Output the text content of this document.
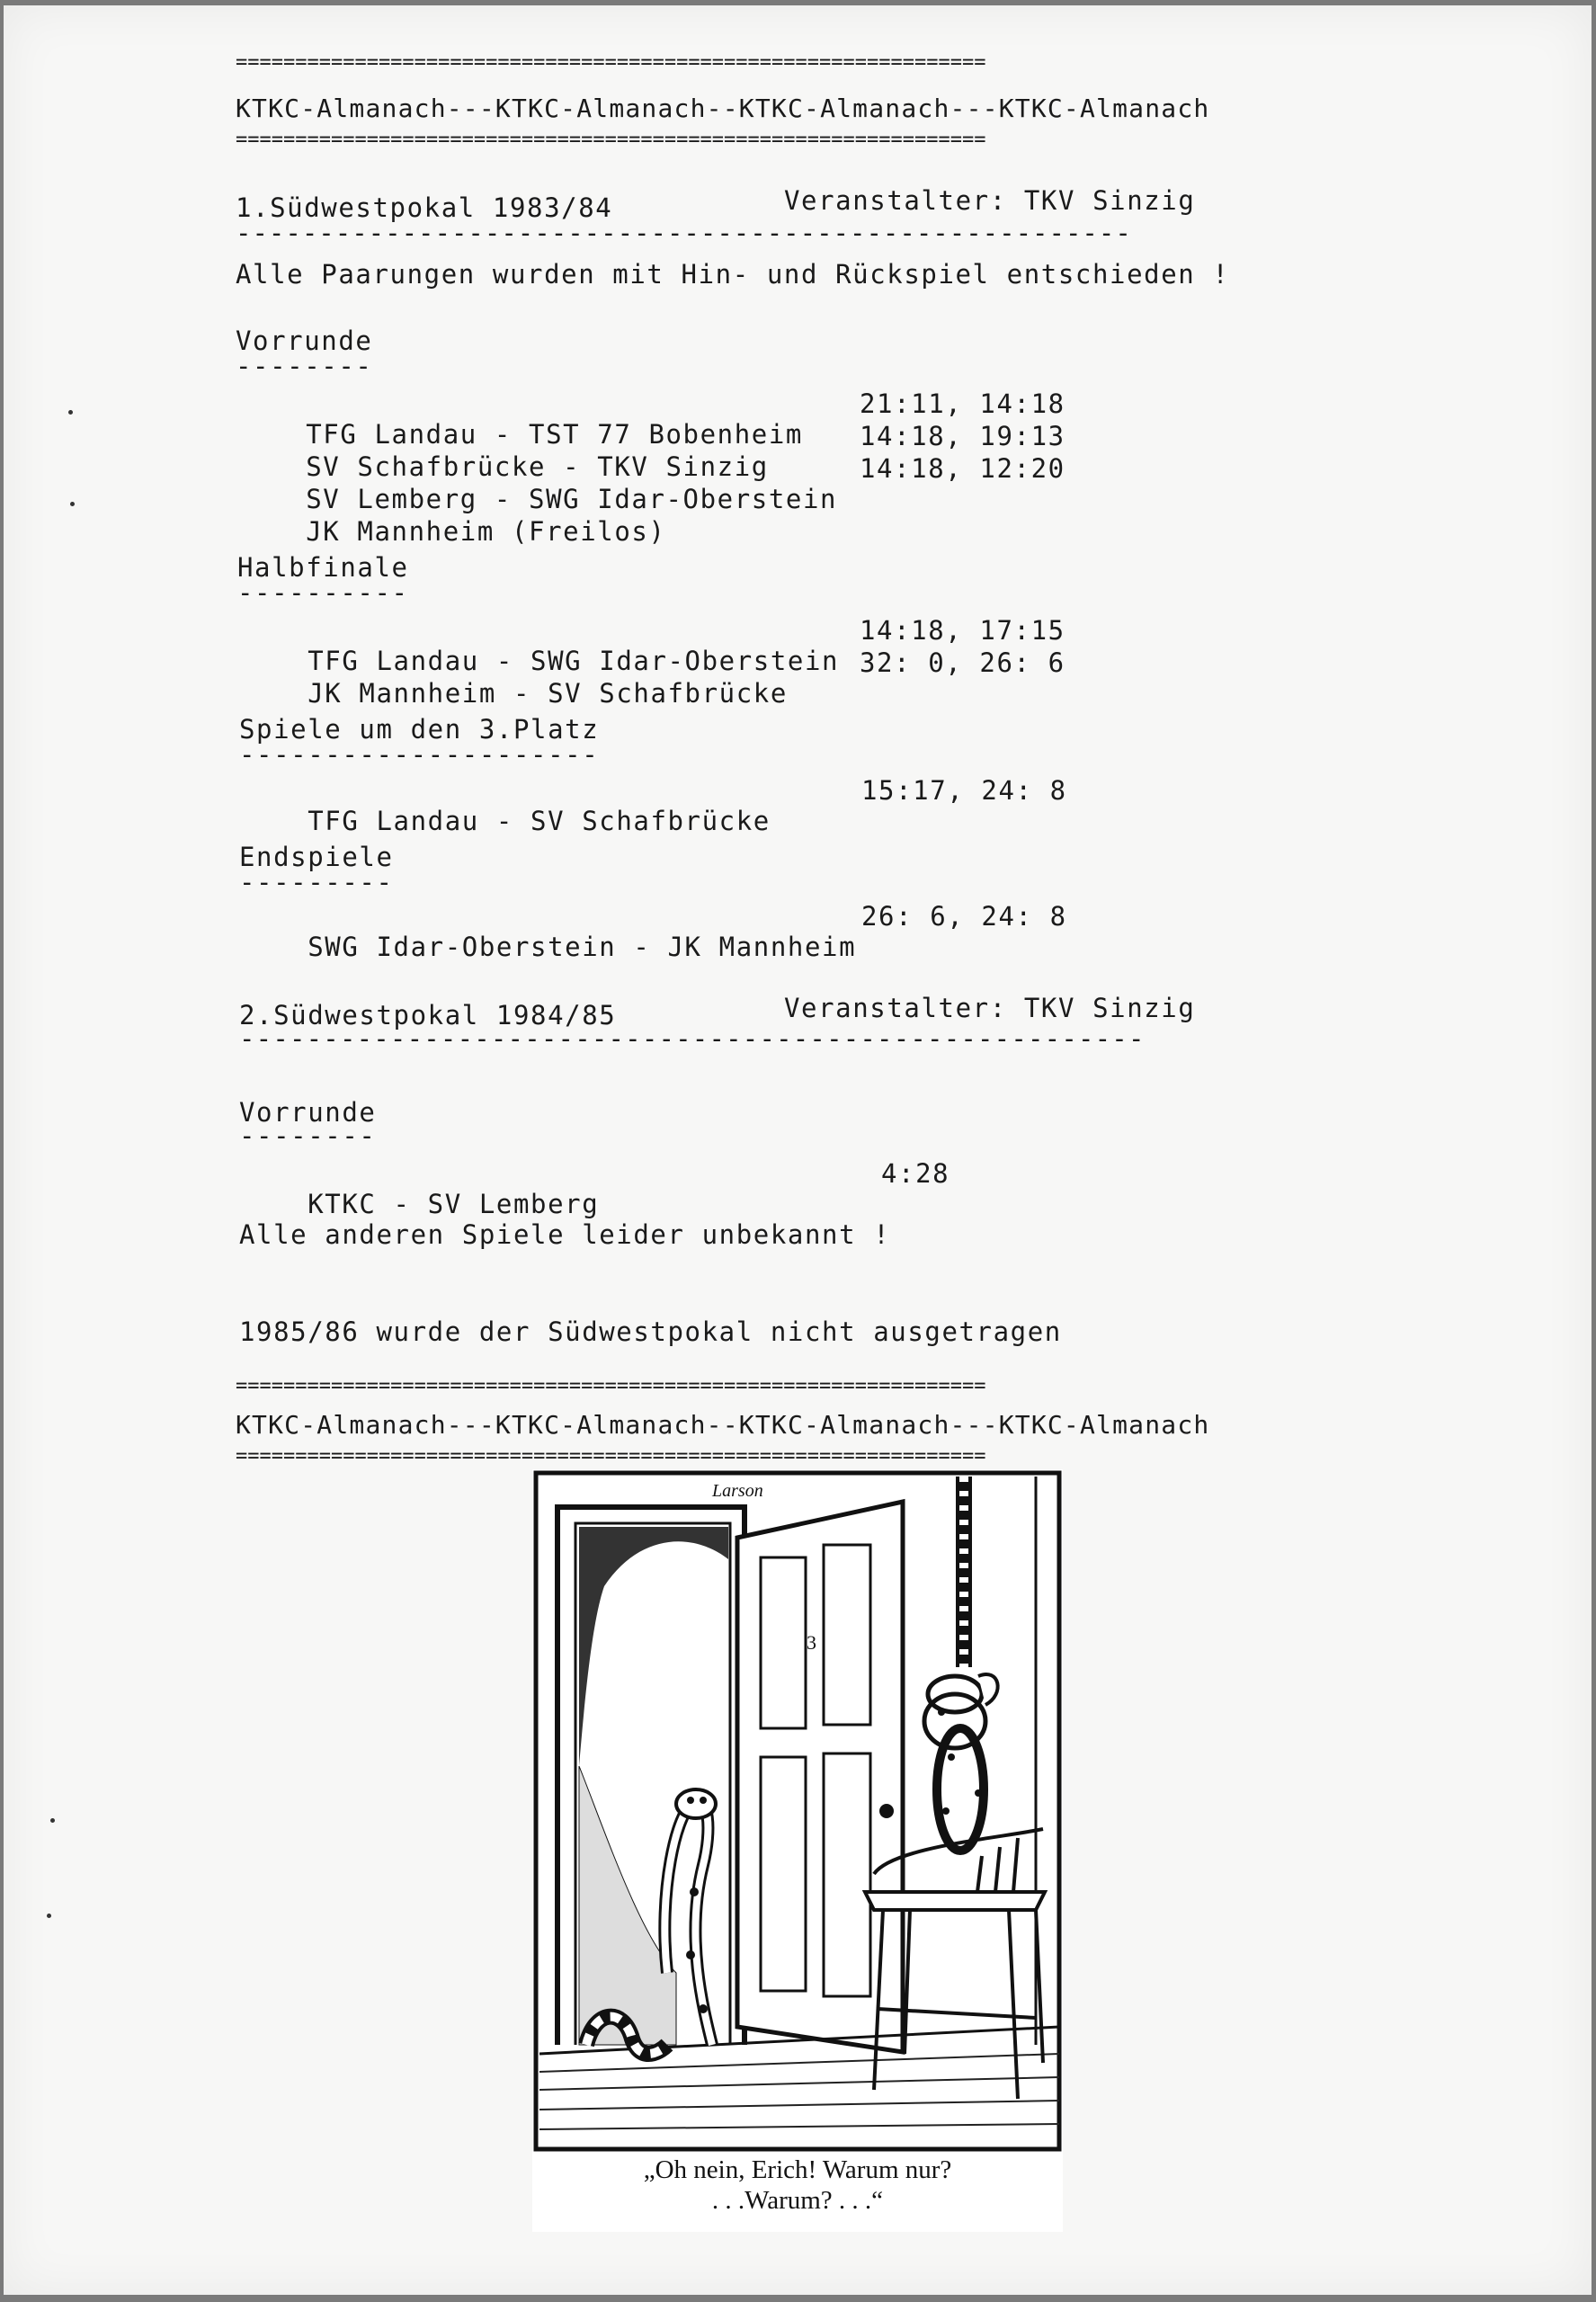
===============================================================
KTKC-Almanach---KTKC-Almanach--KTKC-Almanach---KTKC-Almanach
===============================================================
1.Südwestpokal 1983/84	Veranstalter: TKV Sinzig
------------------------------------------------------
Alle Paarungen wurden mit Hin- und Rückspiel entschieden !
Vorrunde
--------

TFG Landau - TST 77 Bobenheim

21:11, 14:18

SV Schafbrücke - TKV Sinzig

14:18, 19:13

SV Lemberg - SWG Idar-Oberstein

14:18, 12:20

JK Mannheim (Freilos)

Halbfinale
----------

TFG Landau - SWG Idar-Oberstein

14:18, 17:15

JK Mannheim - SV Schafbrücke

32: 0, 26: 6

Spiele um den 3.Platz
---------------------

TFG Landau - SV Schafbrücke

15:17, 24: 8

Endspiele
---------

SWG Idar-Oberstein - JK Mannheim

26: 6, 24: 8

2.Südwestpokal 1984/85	Veranstalter: TKV Sinzig
------------------------------------------------------
Vorrunde
--------

KTKC - SV Lemberg

4:28

Alle anderen Spiele leider unbekannt !
1985/86 wurde der Südwestpokal nicht ausgetragen
===============================================================
KTKC-Almanach---KTKC-Almanach--KTKC-Almanach---KTKC-Almanach
===============================================================
Larson
3
„Oh nein, Erich! Warum nur?
. . .Warum? . . .“
